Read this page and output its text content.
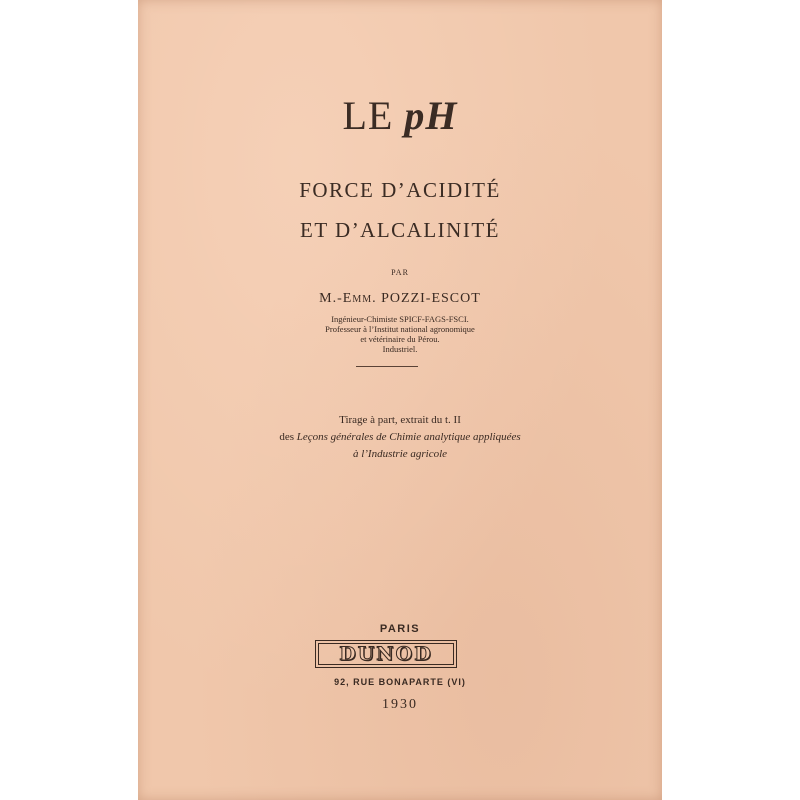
LE pH
FORCE D’ACIDITÉ
ET D’ALCALINITÉ
PAR
M.-Emm. POZZI-ESCOT
Ingénieur-Chimiste SPICF-FAGS-FSCI.
Professeur à l’Institut national agronomique
et vétérinaire du Pérou.
Industriel.
Tirage à part, extrait du t. II
des Leçons générales de Chimie analytique appliquées
à l’Industrie agricole
PARIS
DUNOD
92, RUE BONAPARTE (VI)
1930
